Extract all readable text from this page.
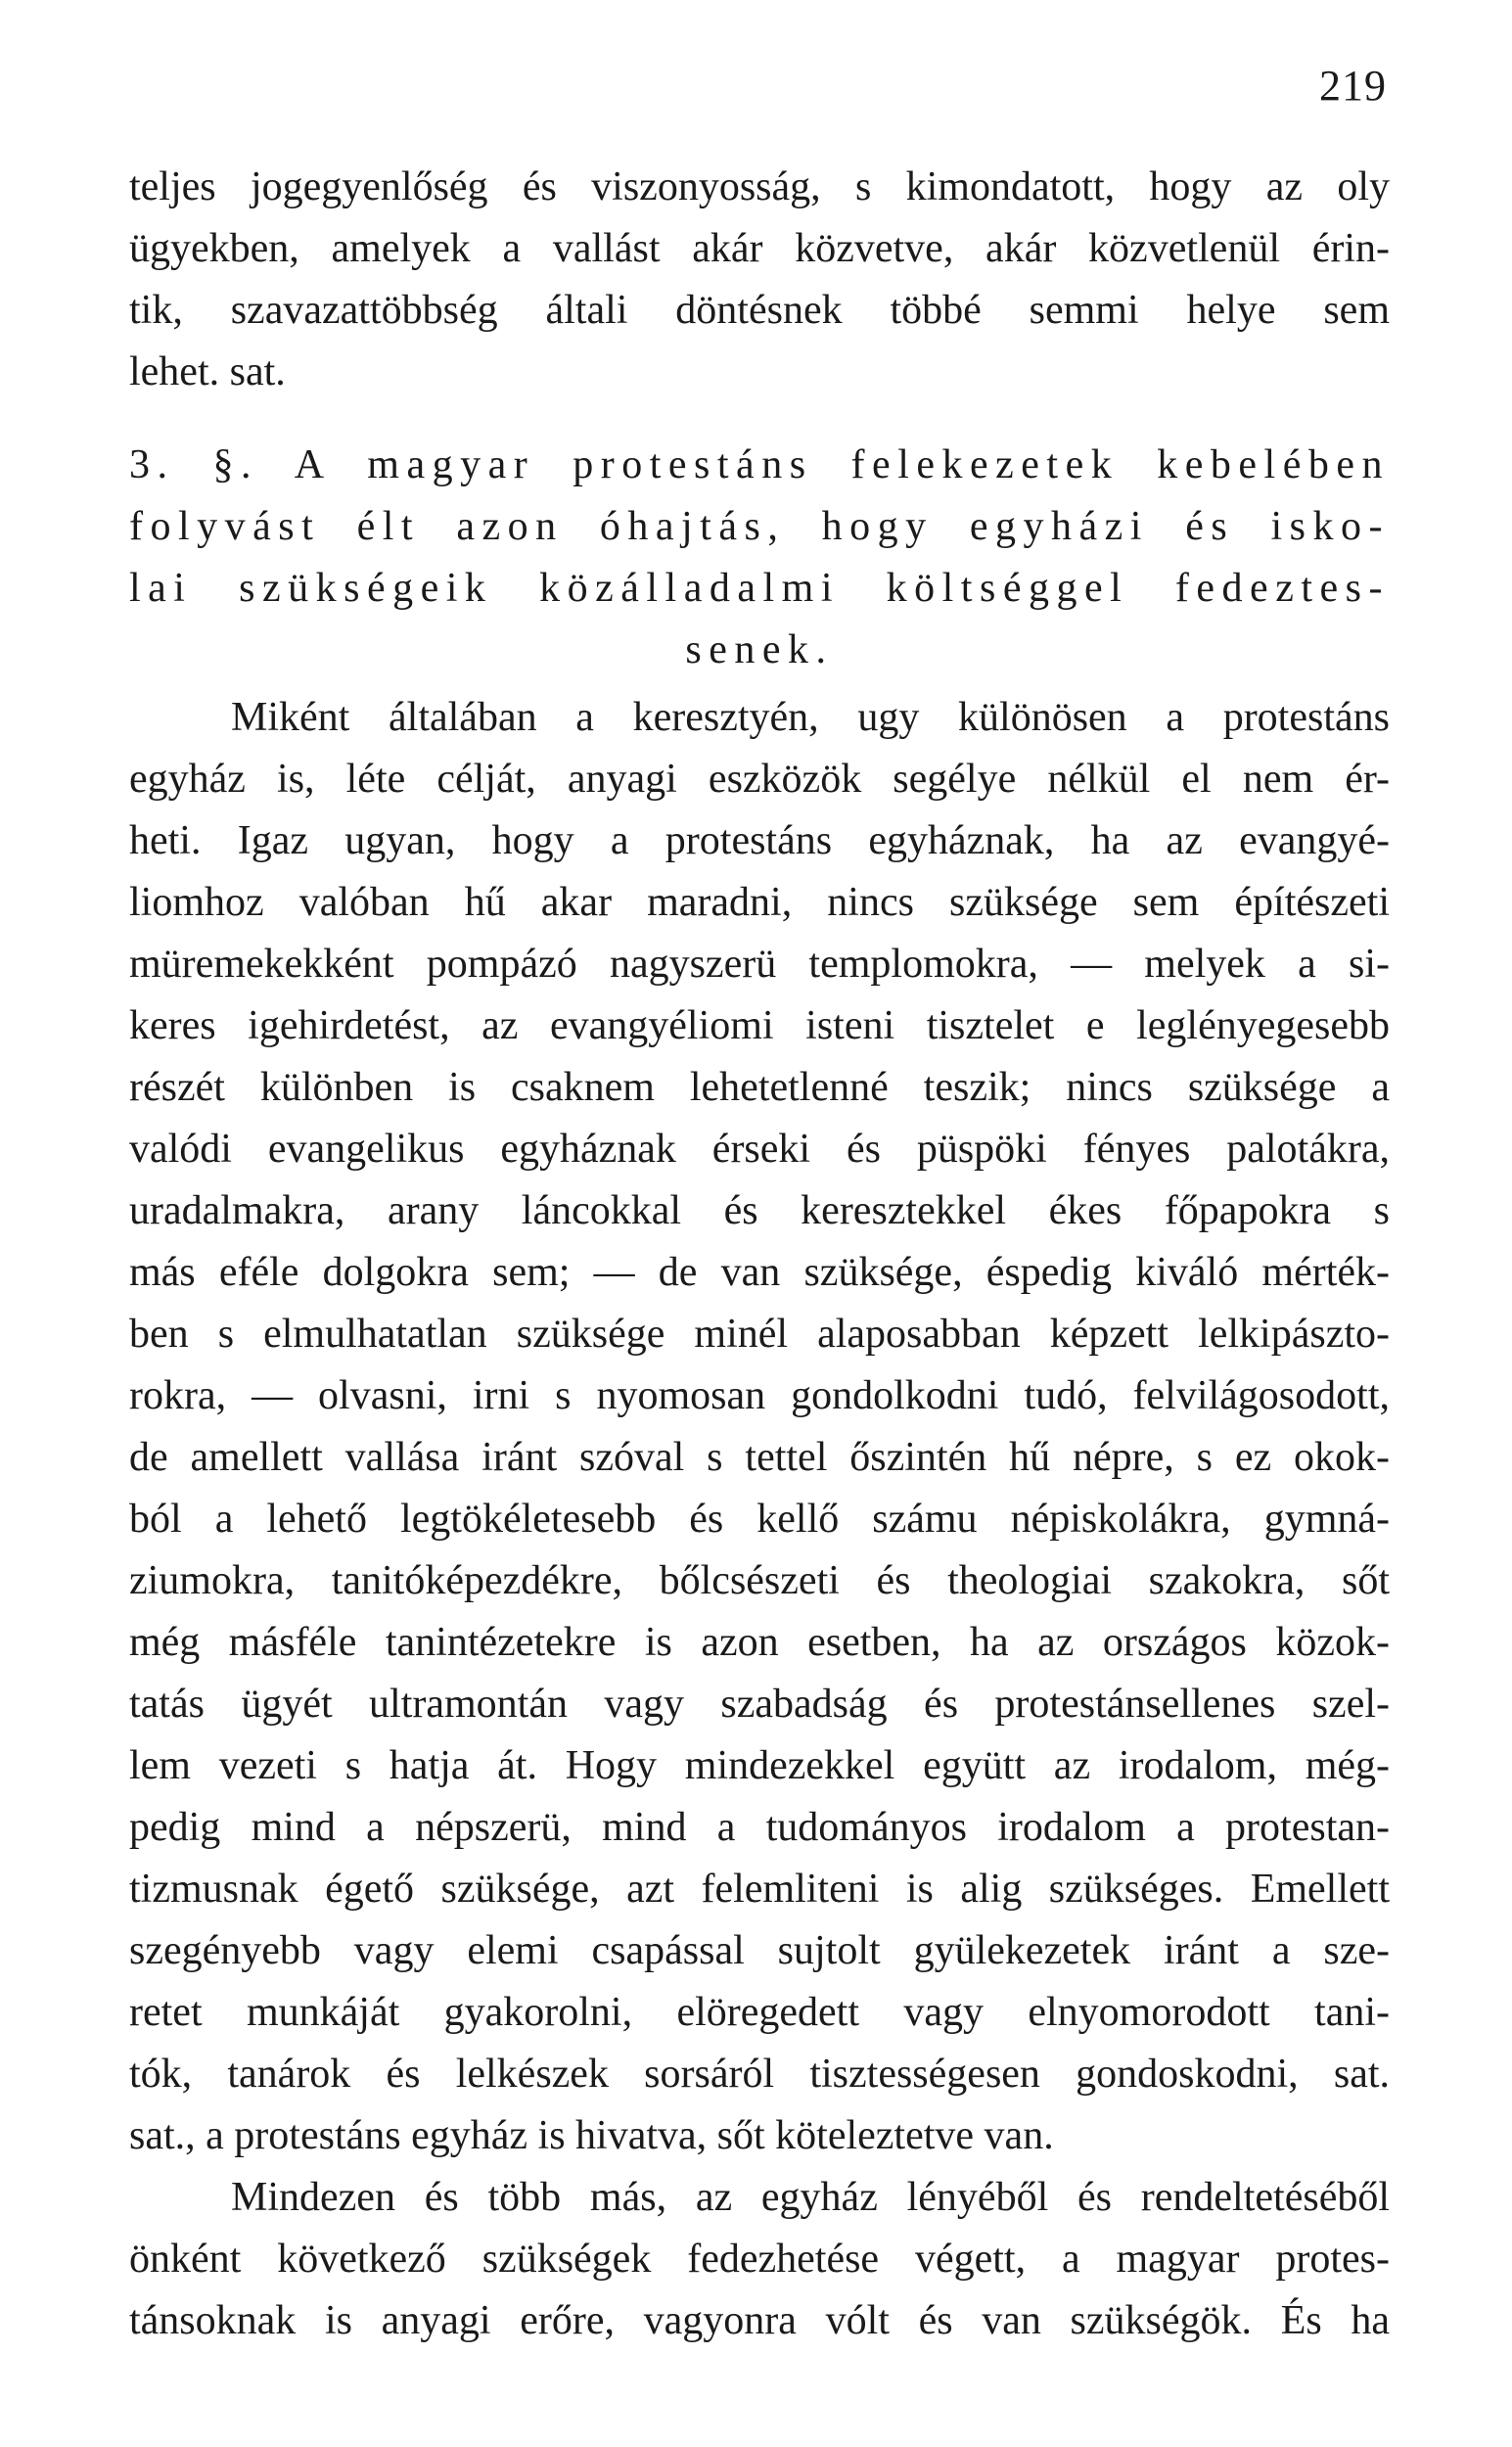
219
teljes jogegyenlőség és viszonyosság, s kimondatott, hogy az oly
ügyekben, amelyek a vallást akár közvetve, akár közvetlenül érin-
tik, szavazattöbbség általi döntésnek többé semmi helye sem
lehet. sat.
3. §. A magyar protestáns felekezetek kebelében
folyvást élt azon óhajtás, hogy egyházi és isko-
lai szükségeik közálladalmi költséggel fedeztes-
senek.
Miként általában a keresztyén, ugy különösen a protestáns
egyház is, léte célját, anyagi eszközök segélye nélkül el nem ér-
heti. Igaz ugyan, hogy a protestáns egyháznak, ha az evangyé-
liomhoz valóban hű akar maradni, nincs szüksége sem építészeti
müremekekként pompázó nagyszerü templomokra, — melyek a si-
keres igehirdetést, az evangyéliomi isteni tisztelet e leglényegesebb
részét különben is csaknem lehetetlenné teszik; nincs szüksége a
valódi evangelikus egyháznak érseki és püspöki fényes palotákra,
uradalmakra, arany láncokkal és keresztekkel ékes főpapokra s
más eféle dolgokra sem; — de van szüksége, éspedig kiváló mérték-
ben s elmulhatatlan szüksége minél alaposabban képzett lelkipászto-
rokra, — olvasni, irni s nyomosan gondolkodni tudó, felvilágosodott,
de amellett vallása iránt szóval s tettel őszintén hű népre, s ez okok-
ból a lehető legtökéletesebb és kellő számu népiskolákra, gymná-
ziumokra, tanitóképezdékre, bőlcsészeti és theologiai szakokra, sőt
még másféle tanintézetekre is azon esetben, ha az országos közok-
tatás ügyét ultramontán vagy szabadság és protestánsellenes szel-
lem vezeti s hatja át. Hogy mindezekkel együtt az irodalom, még-
pedig mind a népszerü, mind a tudományos irodalom a protestan-
tizmusnak égető szüksége, azt felemliteni is alig szükséges. Emellett
szegényebb vagy elemi csapással sujtolt gyülekezetek iránt a sze-
retet munkáját gyakorolni, elöregedett vagy elnyomorodott tani-
tók, tanárok és lelkészek sorsáról tisztességesen gondoskodni, sat.
sat., a protestáns egyház is hivatva, sőt köteleztetve van.
Mindezen és több más, az egyház lényéből és rendeltetéséből
önként következő szükségek fedezhetése végett, a magyar protes-
tánsoknak is anyagi erőre, vagyonra vólt és van szükségök. És ha
